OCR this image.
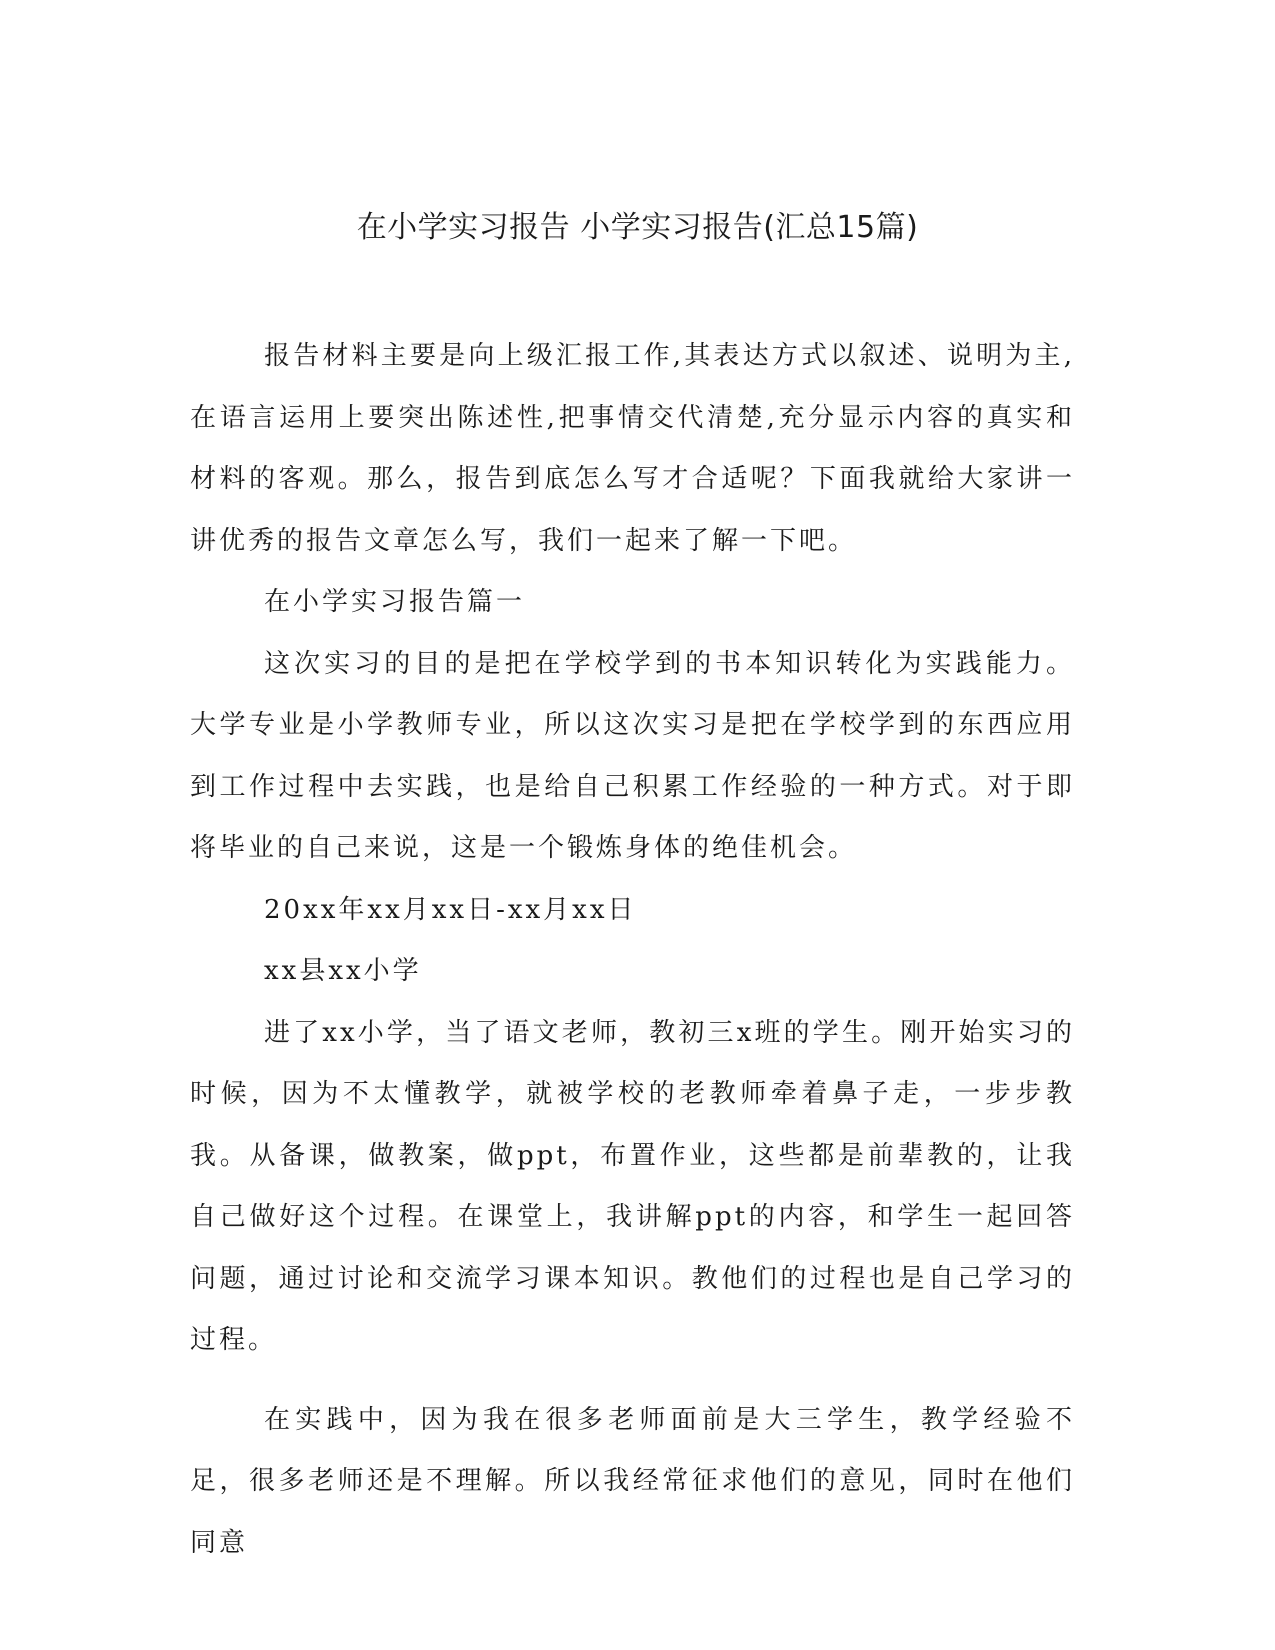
在小学实习报告 小学实习报告(汇总15篇)

报告材料主要是向上级汇报工作,其表达方式以叙述、说明为主,在语言运用上要突出陈述性,把事情交代清楚,充分显示内容的真实和材料的客观。那么，报告到底怎么写才合适呢？下面我就给大家讲一讲优秀的报告文章怎么写，我们一起来了解一下吧。

在小学实习报告篇一

这次实习的目的是把在学校学到的书本知识转化为实践能力。大学专业是小学教师专业，所以这次实习是把在学校学到的东西应用到工作过程中去实践，也是给自己积累工作经验的一种方式。对于即将毕业的自己来说，这是一个锻炼身体的绝佳机会。

20xx年xx月xx日-xx月xx日

xx县xx小学

进了xx小学，当了语文老师，教初三x班的学生。刚开始实习的时候，因为不太懂教学，就被学校的老教师牵着鼻子走，一步步教我。从备课，做教案，做ppt，布置作业，这些都是前辈教的，让我自己做好这个过程。在课堂上，我讲解ppt的内容，和学生一起回答问题，通过讨论和交流学习课本知识。教他们的过程也是自己学习的过程。

在实践中，因为我在很多老师面前是大三学生，教学经验不足，很多老师还是不理解。所以我经常征求他们的意见，同时在他们同意
